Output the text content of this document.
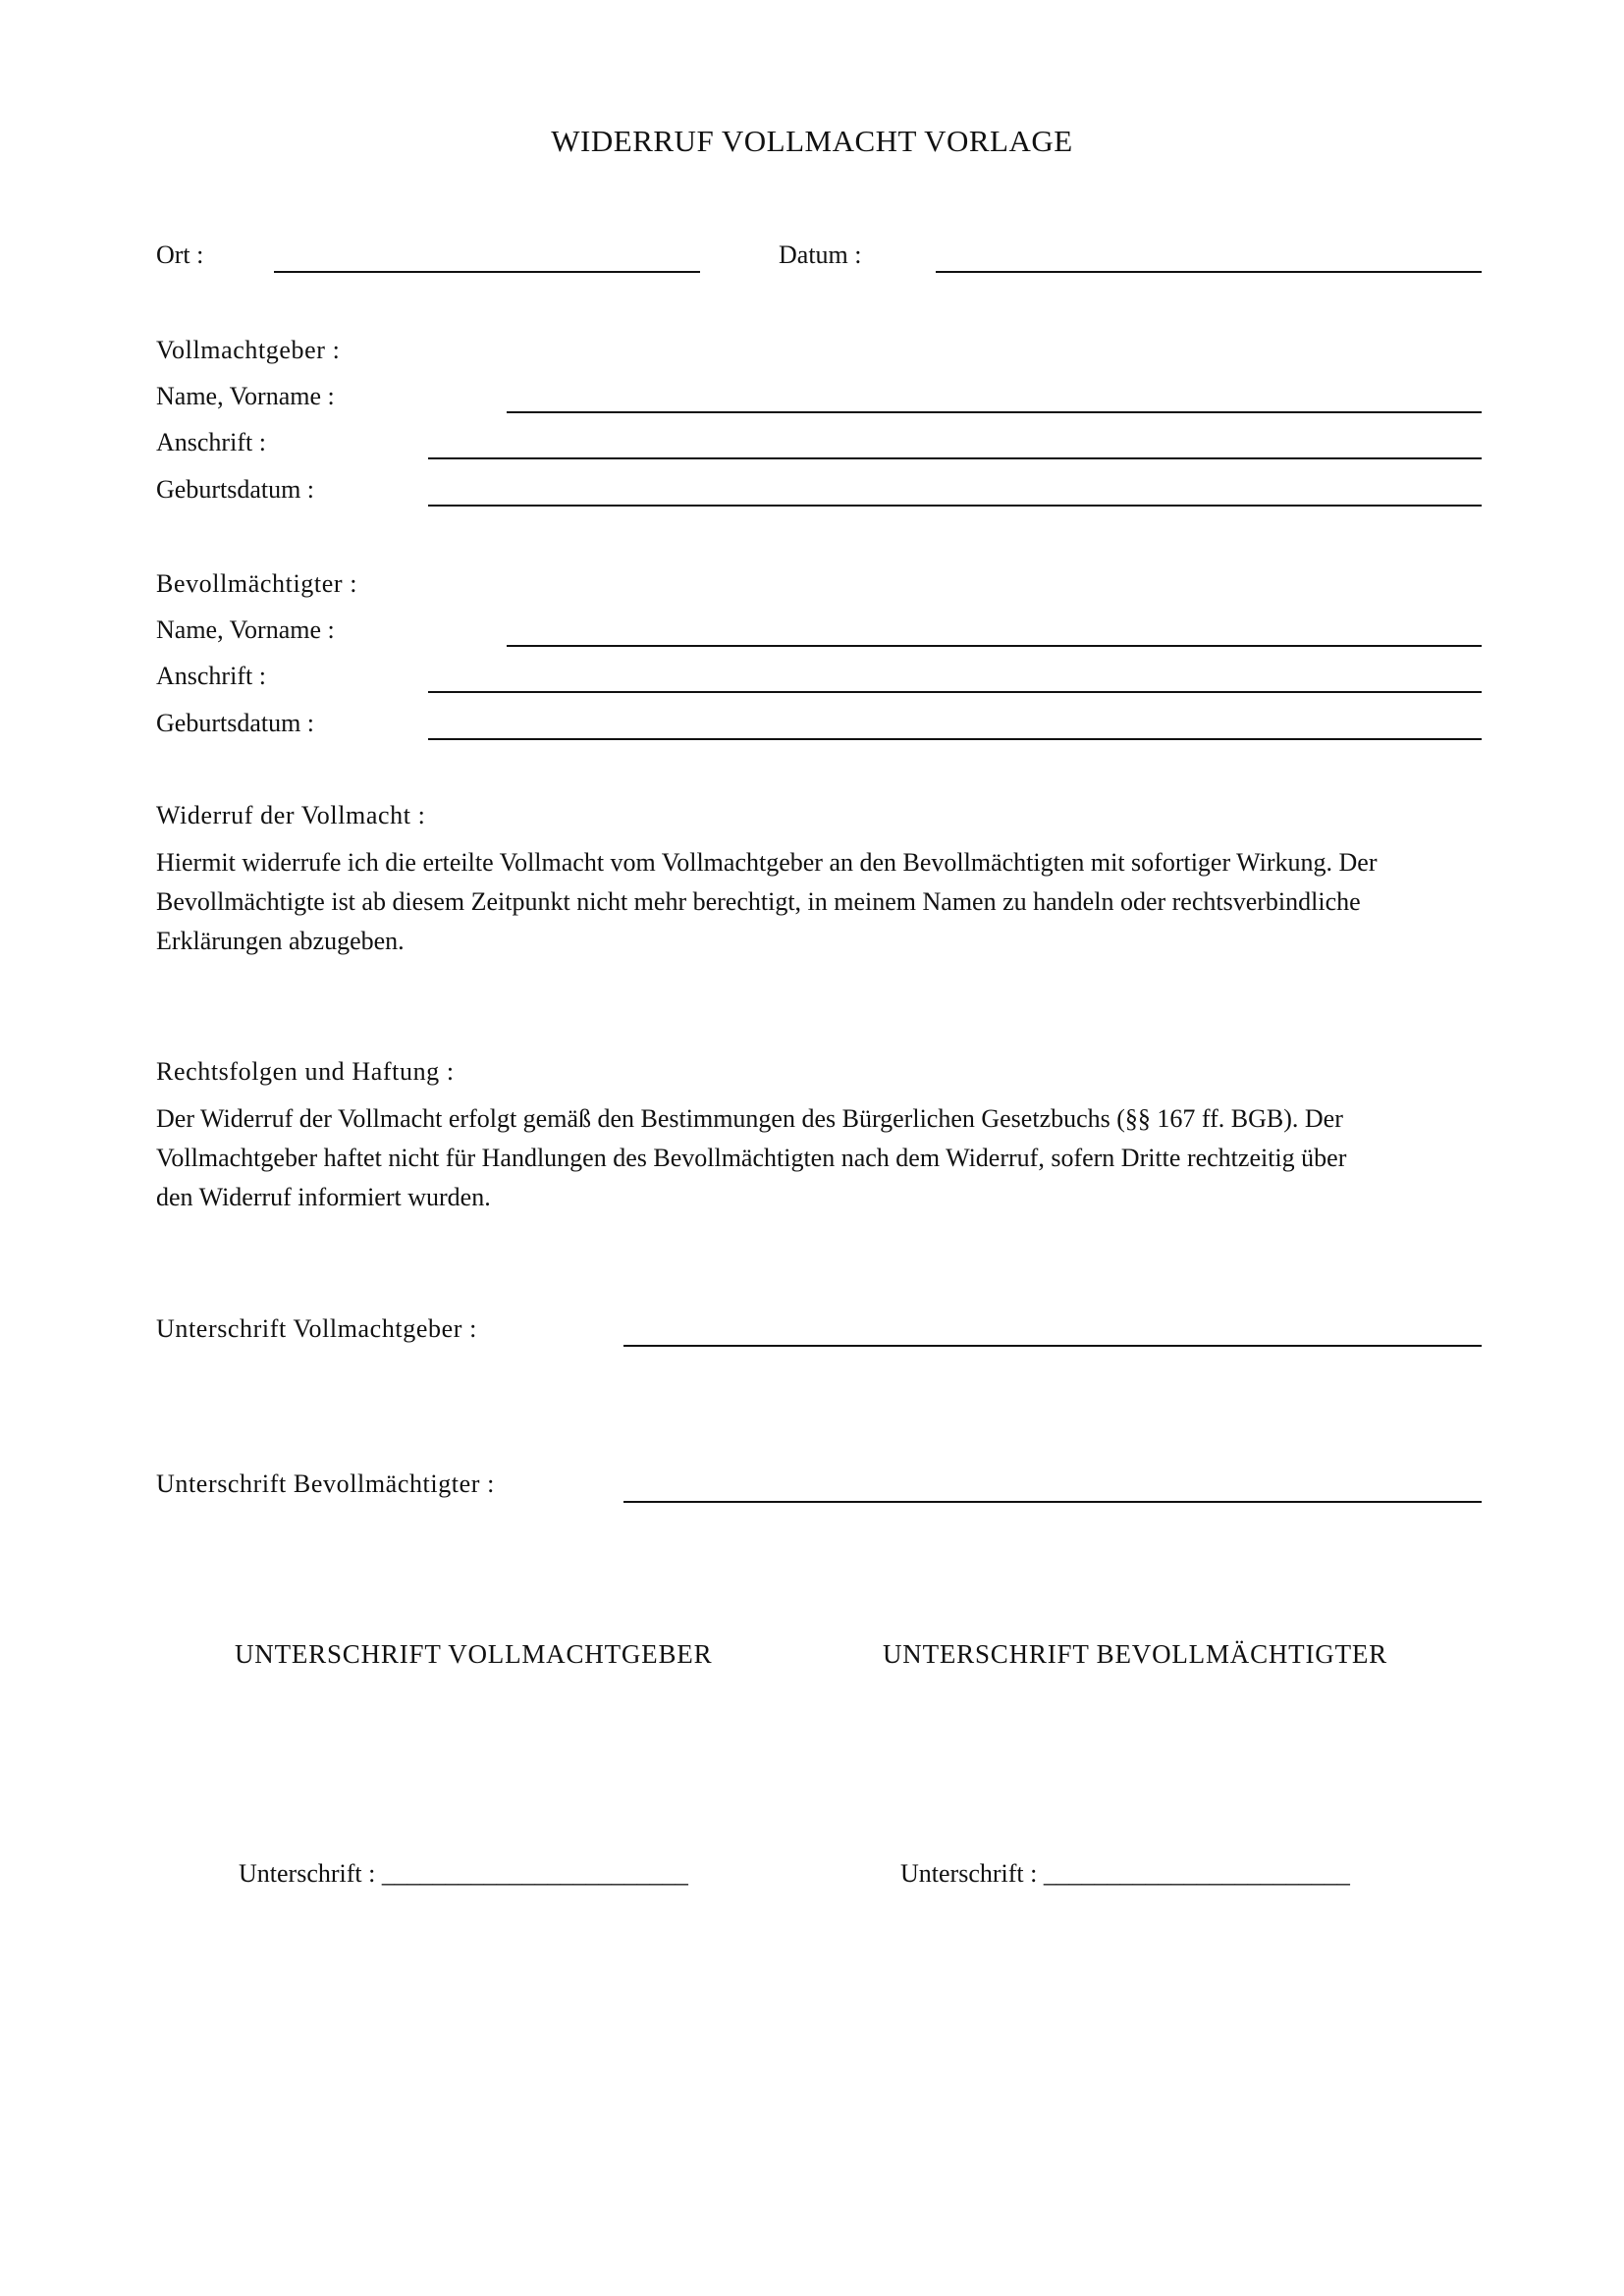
WIDERRUF VOLLMACHT VORLAGE
Ort :	Datum :
Vollmachtgeber :
Name, Vorname :
Anschrift :
Geburtsdatum :
Bevollmächtigter :
Name, Vorname :
Anschrift :
Geburtsdatum :
Widerruf der Vollmacht :
Hiermit widerrufe ich die erteilte Vollmacht vom Vollmachtgeber an den Bevollmächtigten mit sofortiger Wirkung. Der
Bevollmächtigte ist ab diesem Zeitpunkt nicht mehr berechtigt, in meinem Namen zu handeln oder rechtsverbindliche
Erklärungen abzugeben.
Rechtsfolgen und Haftung :
Der Widerruf der Vollmacht erfolgt gemäß den Bestimmungen des Bürgerlichen Gesetzbuchs (§§ 167 ff. BGB). Der
Vollmachtgeber haftet nicht für Handlungen des Bevollmächtigten nach dem Widerruf, sofern Dritte rechtzeitig über
den Widerruf informiert wurden.
Unterschrift Vollmachtgeber :
Unterschrift Bevollmächtigter :
UNTERSCHRIFT VOLLMACHTGEBER	UNTERSCHRIFT BEVOLLMÄCHTIGTER
Unterschrift : ________________________	Unterschrift : ________________________
